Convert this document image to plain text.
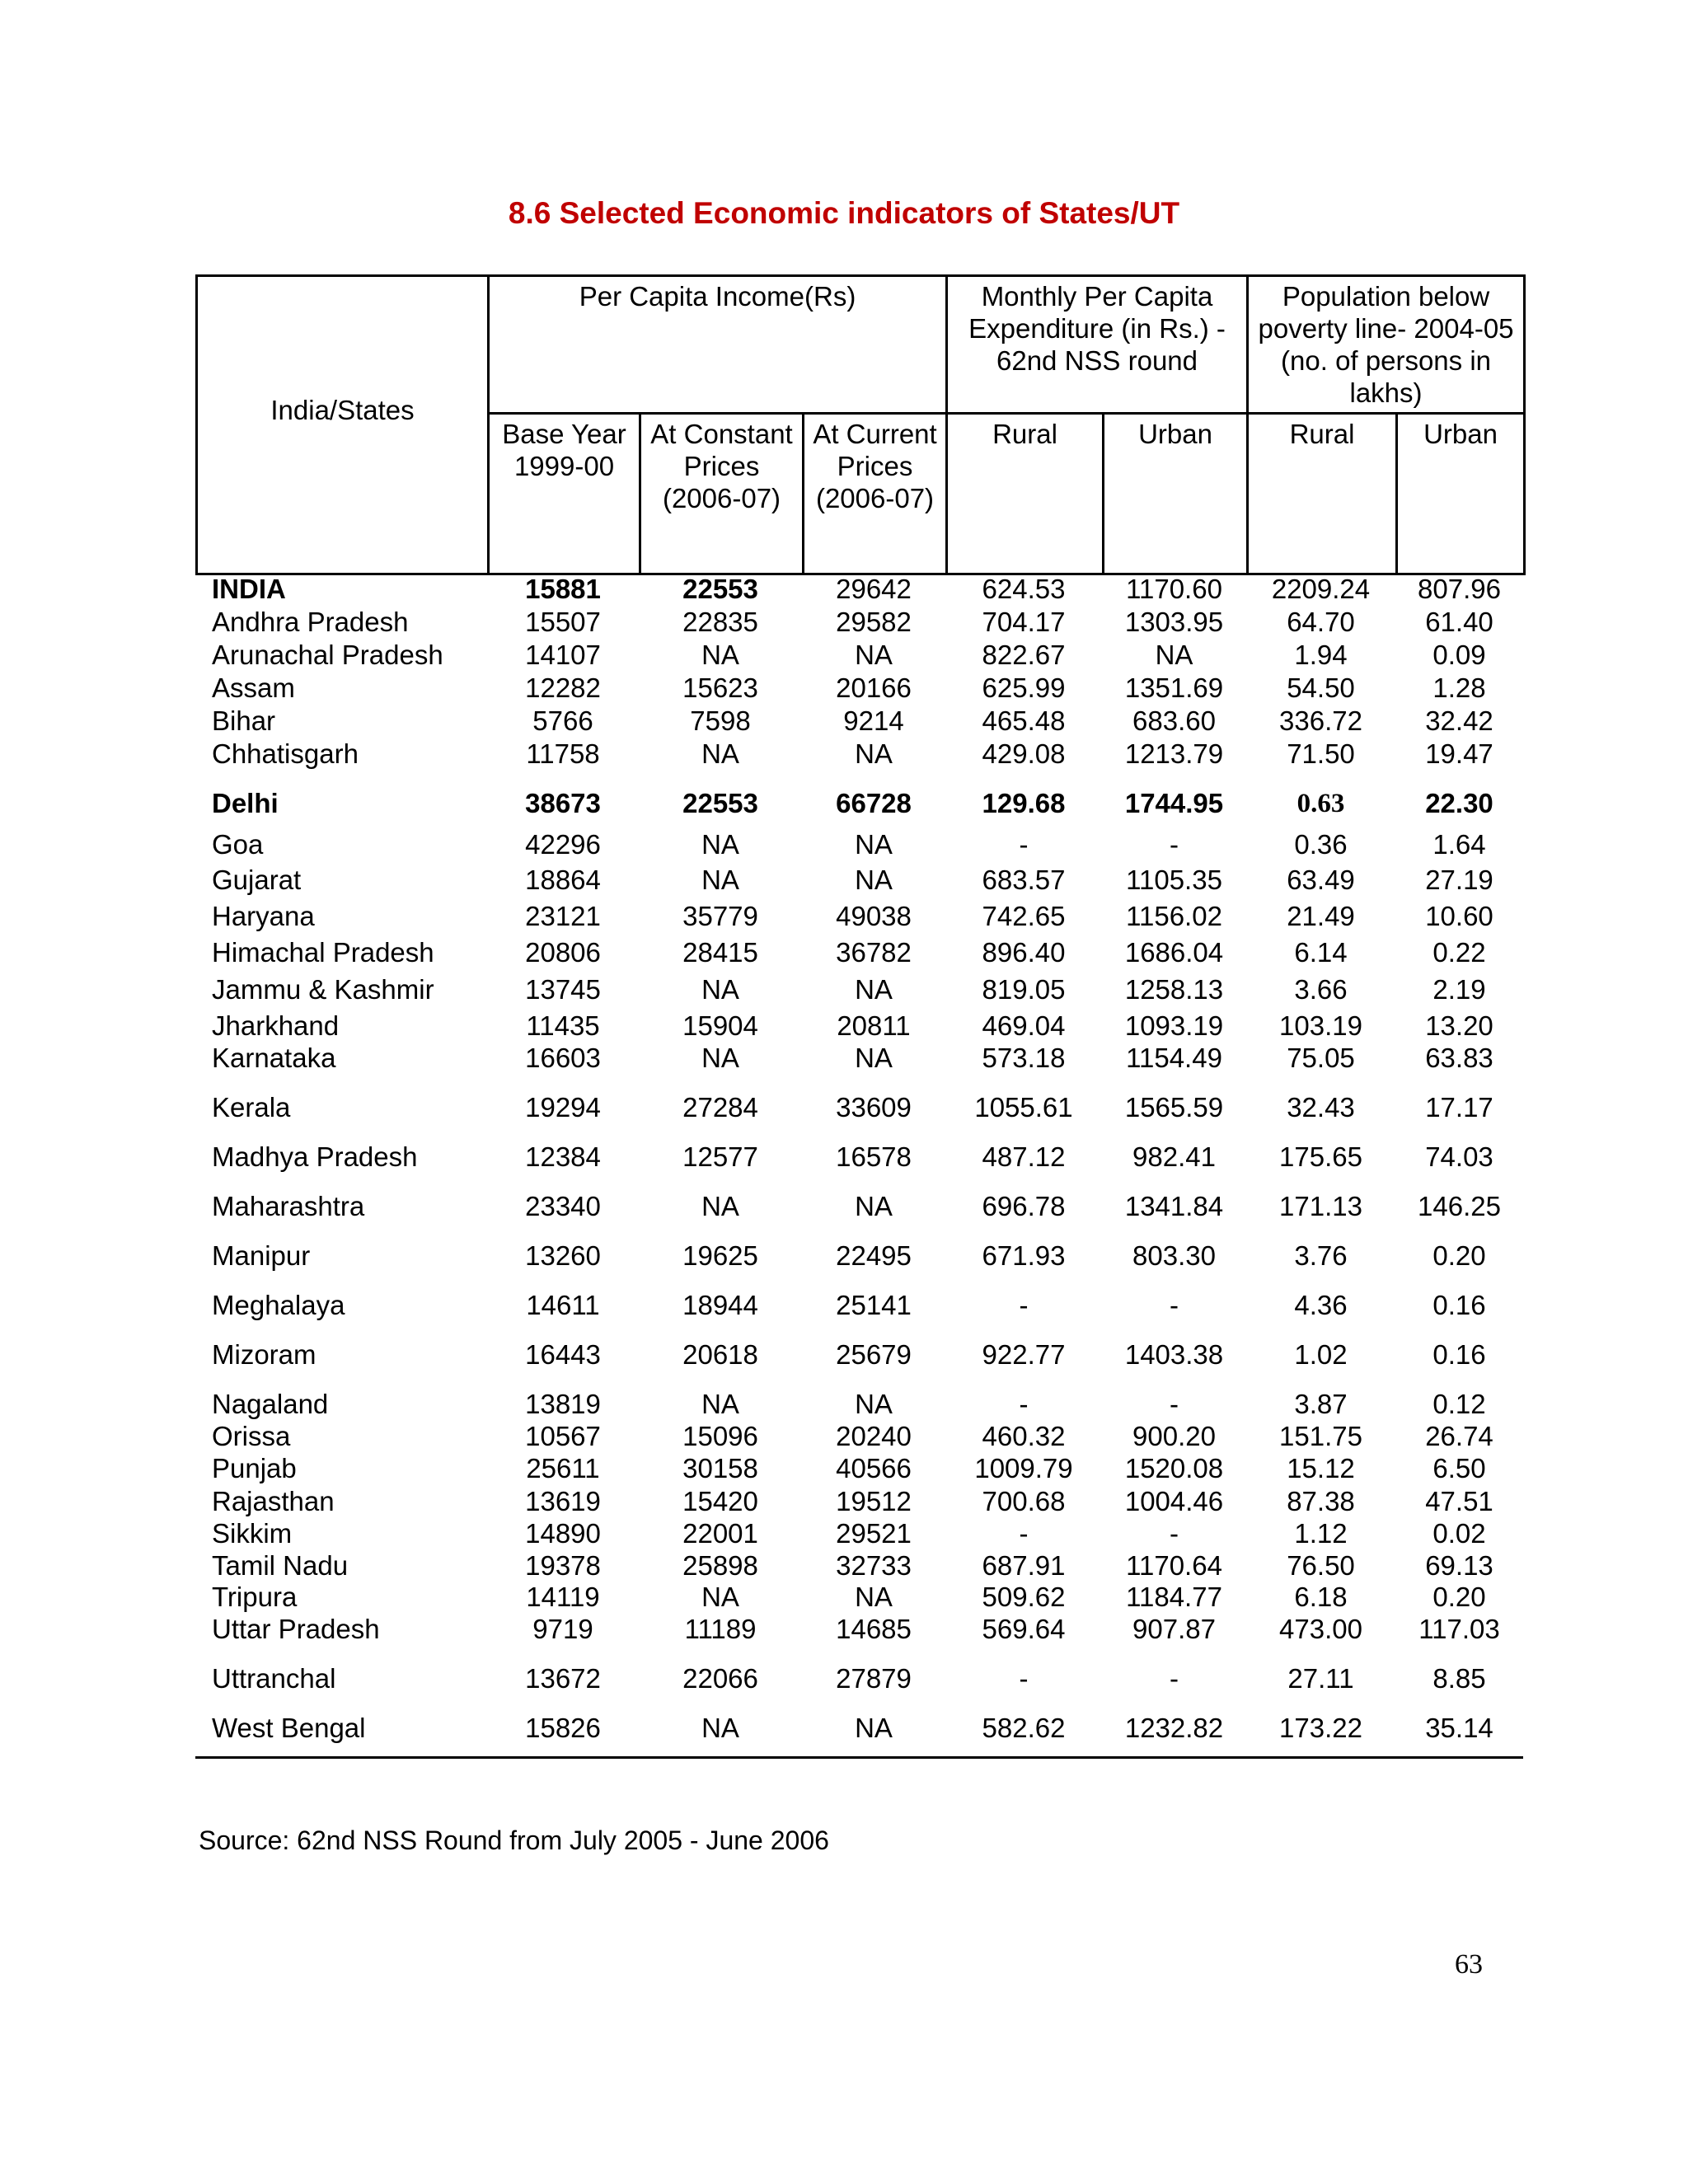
8.6 Selected Economic indicators of States/UT
India/States	Per Capita Income(Rs)			Monthly Per Capita Expenditure (in Rs.) - 62nd NSS round		Population below poverty line- 2004-05 (no. of persons in lakhs)	
	Base Year 1999-00	At Constant Prices (2006-07)	At Current Prices (2006-07)	Rural	Urban	Rural	Urban
INDIA	15881	22553	29642	624.53	1170.60	2209.24	807.96
Andhra Pradesh	15507	22835	29582	704.17	1303.95	64.70	61.40
Arunachal Pradesh	14107	NA	NA	822.67	NA	1.94	0.09
Assam	12282	15623	20166	625.99	1351.69	54.50	1.28
Bihar	5766	7598	9214	465.48	683.60	336.72	32.42
Chhatisgarh	11758	NA	NA	429.08	1213.79	71.50	19.47
Delhi	38673	22553	66728	129.68	1744.95	0.63	22.30
Goa	42296	NA	NA	-	-	0.36	1.64
Gujarat	18864	NA	NA	683.57	1105.35	63.49	27.19
Haryana	23121	35779	49038	742.65	1156.02	21.49	10.60
Himachal Pradesh	20806	28415	36782	896.40	1686.04	6.14	0.22
Jammu & Kashmir	13745	NA	NA	819.05	1258.13	3.66	2.19
Jharkhand	11435	15904	20811	469.04	1093.19	103.19	13.20
Karnataka	16603	NA	NA	573.18	1154.49	75.05	63.83
Kerala	19294	27284	33609	1055.61	1565.59	32.43	17.17
Madhya Pradesh	12384	12577	16578	487.12	982.41	175.65	74.03
Maharashtra	23340	NA	NA	696.78	1341.84	171.13	146.25
Manipur	13260	19625	22495	671.93	803.30	3.76	0.20
Meghalaya	14611	18944	25141	-	-	4.36	0.16
Mizoram	16443	20618	25679	922.77	1403.38	1.02	0.16
Nagaland	13819	NA	NA	-	-	3.87	0.12
Orissa	10567	15096	20240	460.32	900.20	151.75	26.74
Punjab	25611	30158	40566	1009.79	1520.08	15.12	6.50
Rajasthan	13619	15420	19512	700.68	1004.46	87.38	47.51
Sikkim	14890	22001	29521	-	-	1.12	0.02
Tamil Nadu	19378	25898	32733	687.91	1170.64	76.50	69.13
Tripura	14119	NA	NA	509.62	1184.77	6.18	0.20
Uttar Pradesh	9719	11189	14685	569.64	907.87	473.00	117.03
Uttranchal	13672	22066	27879	-	-	27.11	8.85
West Bengal	15826	NA	NA	582.62	1232.82	173.22	35.14
Source: 62nd NSS Round from July 2005 - June 2006
63
